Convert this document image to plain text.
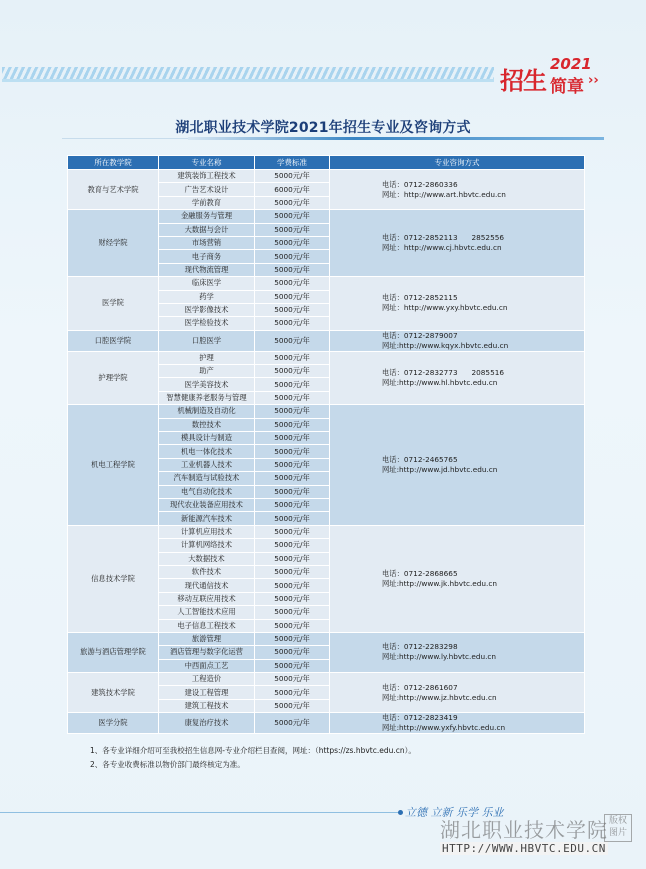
招生
2021
简章 ››
湖北职业技术学院2021年招生专业及咨询方式
所在教学院	专业名称	学费标准	专业咨询方式
教育与艺术学院	建筑装饰工程技术	5000元/年	电话：0712-2860336
网址：http://www.art.hbvtc.edu.cn

	广告艺术设计	6000元/年	
	学前教育	5000元/年	
财经学院	金融服务与管理	5000元/年	电话：0712-2852113      2852556
网址：http://www.cj.hbvtc.edu.cn

	大数据与会计	5000元/年	
	市场营销	5000元/年	
	电子商务	5000元/年	
	现代物流管理	5000元/年	
医学院	临床医学	5000元/年	电话：0712-2852115
网址：http://www.yxy.hbvtc.edu.cn

	药学	5000元/年	
	医学影像技术	5000元/年	
	医学检验技术	5000元/年	
口腔医学院	口腔医学	5000元/年	电话：0712-2879007
网址:http://www.kqyx.hbvtc.edu.cn

护理学院	护理	5000元/年	电话：0712-2832773      2085516
网址:http://www.hl.hbvtc.edu.cn

	助产	5000元/年	
	医学美容技术	5000元/年	
	智慧健康养老服务与管理	5000元/年	
机电工程学院	机械制造及自动化	5000元/年	电话：0712-2465765
网址:http://www.jd.hbvtc.edu.cn

	数控技术	5000元/年	
	模具设计与制造	5000元/年	
	机电一体化技术	5000元/年	
	工业机器人技术	5000元/年	
	汽车制造与试验技术	5000元/年	
	电气自动化技术	5000元/年	
	现代农业装备应用技术	5000元/年	
	新能源汽车技术	5000元/年	
信息技术学院	计算机应用技术	5000元/年	电话：0712-2868665
网址:http://www.jk.hbvtc.edu.cn

	计算机网络技术	5000元/年	
	大数据技术	5000元/年	
	软件技术	5000元/年	
	现代通信技术	5000元/年	
	移动互联应用技术	5000元/年	
	人工智能技术应用	5000元/年	
	电子信息工程技术	5000元/年	
旅游与酒店管理学院	旅游管理	5000元/年	电话：0712-2283298
网址:http://www.ly.hbvtc.edu.cn

	酒店管理与数字化运营	5000元/年	
	中西面点工艺	5000元/年	
建筑技术学院	工程造价	5000元/年	电话：0712-2861607
网址:http://www.jz.hbvtc.edu.cn

	建设工程管理	5000元/年	
	建筑工程技术	5000元/年	
医学分院	康复治疗技术	5000元/年	电话：0712-2823419
网址:http://www.yxfy.hbvtc.edu.cn
1、各专业详细介绍可至我校招生信息网-专业介绍栏目查阅，网址：（https://zs.hbvtc.edu.cn）。
2、各专业收费标准以物价部门最终核定为准。
立德 立新 乐学 乐业
湖北职业技术学院 版权图片
HTTP://WWW.HBVTC.EDU.CN
